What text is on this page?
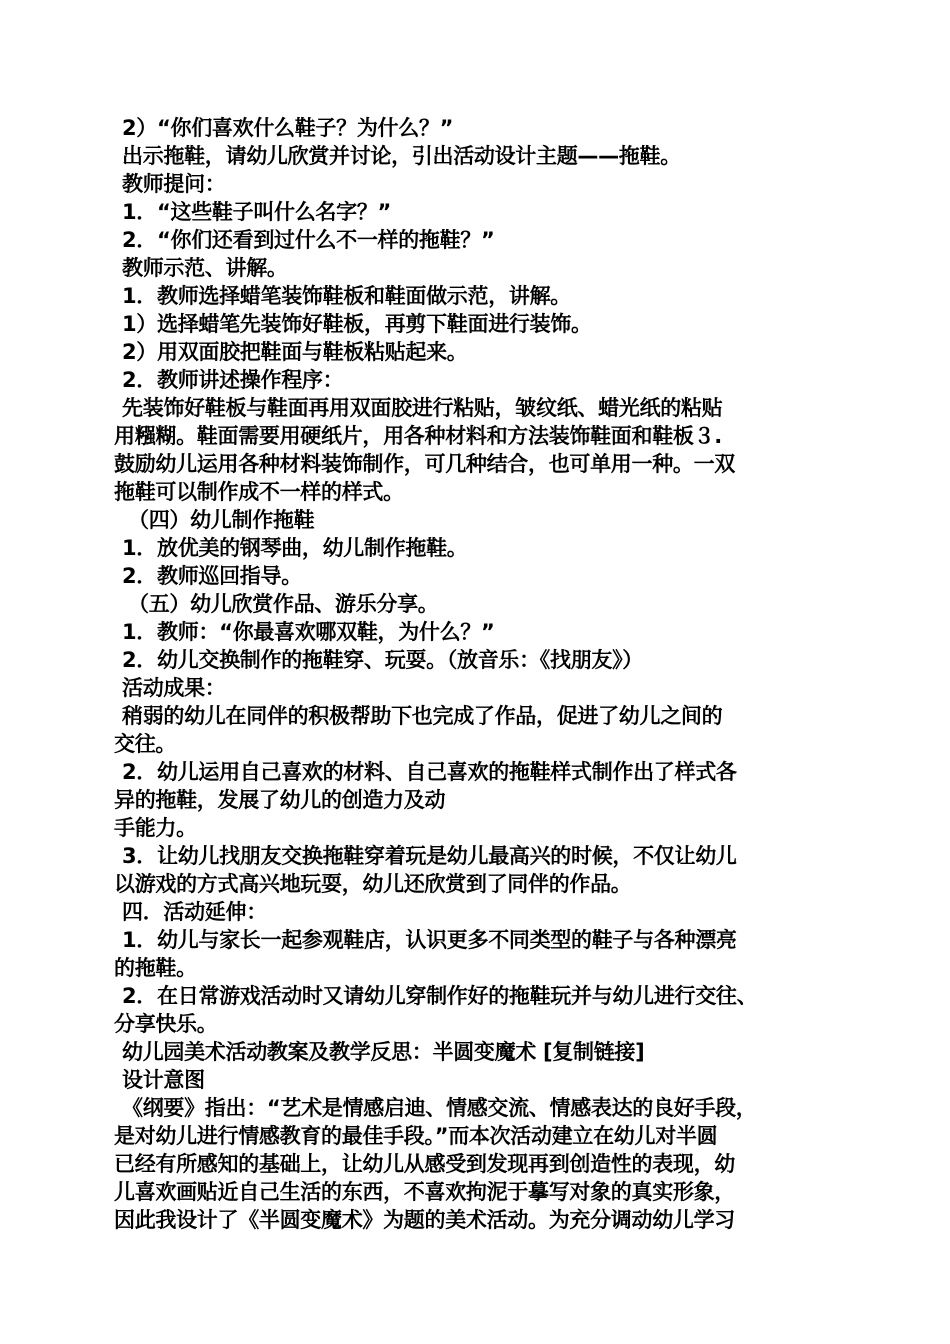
2）“你们喜欢什么鞋子？为什么？”
出示拖鞋，请幼儿欣赏并讨论，引出活动设计主题——拖鞋。
教师提问：
1．“这些鞋子叫什么名字？”
2．“你们还看到过什么不一样的拖鞋？”
教师示范、讲解。
1．教师选择蜡笔装饰鞋板和鞋面做示范，讲解。
1）选择蜡笔先装饰好鞋板，再剪下鞋面进行装饰。
2）用双面胶把鞋面与鞋板粘贴起来。
2．教师讲述操作程序：
先装饰好鞋板与鞋面再用双面胶进行粘贴，皱纹纸、蜡光纸的粘贴
用糨糊。鞋面需要用硬纸片，用各种材料和方法装饰鞋面和鞋板３.
鼓励幼儿运用各种材料装饰制作，可几种结合，也可单用一种。一双
拖鞋可以制作成不一样的样式。
（四）幼儿制作拖鞋
1．放优美的钢琴曲，幼儿制作拖鞋。
2．教师巡回指导。
（五）幼儿欣赏作品、游乐分享。
1．教师：“你最喜欢哪双鞋，为什么？”
2．幼儿交换制作的拖鞋穿、玩耍。（放音乐：《找朋友》）
活动成果：
稍弱的幼儿在同伴的积极帮助下也完成了作品，促进了幼儿之间的
交往。
2．幼儿运用自己喜欢的材料、自己喜欢的拖鞋样式制作出了样式各
异的拖鞋，发展了幼儿的创造力及动
手能力。
3．让幼儿找朋友交换拖鞋穿着玩是幼儿最高兴的时候，不仅让幼儿
以游戏的方式高兴地玩耍，幼儿还欣赏到了同伴的作品。
四．活动延伸：
1．幼儿与家长一起参观鞋店，认识更多不同类型的鞋子与各种漂亮
的拖鞋。
2．在日常游戏活动时又请幼儿穿制作好的拖鞋玩并与幼儿进行交往、
分享快乐。
幼儿园美术活动教案及教学反思：半圆变魔术 [复制链接]
设计意图
《纲要》指出：“艺术是情感启迪、情感交流、情感表达的良好手段，
是对幼儿进行情感教育的最佳手段。”而本次活动建立在幼儿对半圆
已经有所感知的基础上，让幼儿从感受到发现再到创造性的表现，幼
儿喜欢画贴近自己生活的东西，不喜欢拘泥于摹写对象的真实形象，
因此我设计了《半圆变魔术》为题的美术活动。为充分调动幼儿学习
